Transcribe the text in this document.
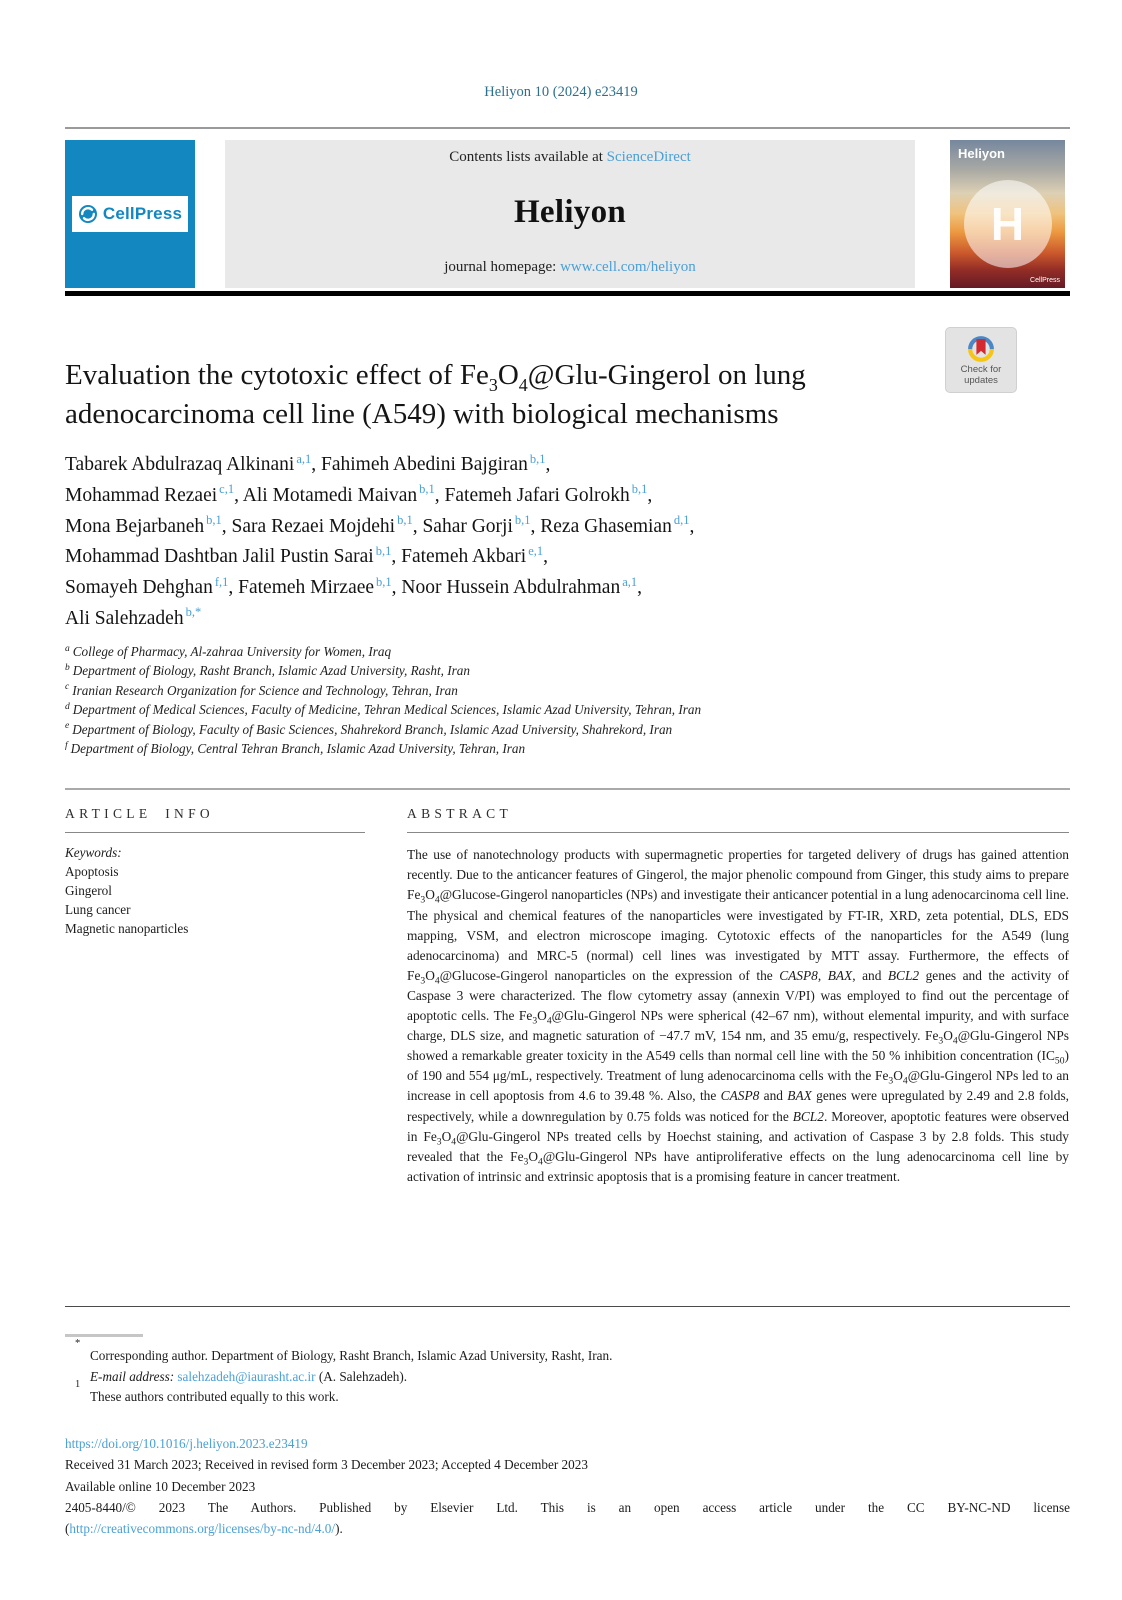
Heliyon 10 (2024) e23419
CellPress
Contents lists available at ScienceDirect
Heliyon
journal homepage: www.cell.com/heliyon
Heliyon
H
CellPress
Check for
updates
Evaluation the cytotoxic effect of $Fe_3O_4@Glu$-Gingerol on lung adenocarcinoma cell line (A549) with biological mechanisms
Tabarek Abdulrazaq Alkinani $^{a,1}$, Fahimeh Abedini Bajgiran $^{b,1}$,
Mohammad Rezaei $^{c,1}$, Ali Motamedi Maivan $^{b,1}$, Fatemeh Jafari Golrokh $^{b,1}$,
Mona Bejarbaneh $^{b,1}$, Sara Rezaei Mojdehi $^{b,1}$, Sahar Gorji $^{b,1}$, Reza Ghasemian $^{d,1}$,
Mohammad Dashtban Jalil Pustin Sarai $^{b,1}$, Fatemeh Akbari $^{e,1}$,
Somayeh Dehghan $^{f,1}$, Fatemeh Mirzaee $^{b,1}$, Noor Hussein Abdulrahman $^{a,1}$,
Ali Salehzadeh $^{b,*}$
$^a$ College of Pharmacy, Al-zahraa University for Women, Iraq
$^b$ Department of Biology, Rasht Branch, Islamic Azad University, Rasht, Iran
$^c$ Iranian Research Organization for Science and Technology, Tehran, Iran
$^d$ Department of Medical Sciences, Faculty of Medicine, Tehran Medical Sciences, Islamic Azad University, Tehran, Iran
$^e$ Department of Biology, Faculty of Basic Sciences, Shahrekord Branch, Islamic Azad University, Shahrekord, Iran
$^f$ Department of Biology, Central Tehran Branch, Islamic Azad University, Tehran, Iran
ARTICLE INFO
Keywords:
Apoptosis
Gingerol
Lung cancer
Magnetic nanoparticles
ABSTRACT
The use of nanotechnology products with supermagnetic properties for targeted delivery of drugs has gained attention recently. Due to the anticancer features of Gingerol, the major phenolic compound from Ginger, this study aims to prepare $Fe_3O_4@Glucose$-Gingerol nanoparticles (NPs) and investigate their anticancer potential in a lung adenocarcinoma cell line. The physical and chemical features of the nanoparticles were investigated by FT-IR, XRD, zeta potential, DLS, EDS mapping, VSM, and electron microscope imaging. Cytotoxic effects of the nanoparticles for the A549 (lung adenocarcinoma) and MRC-5 (normal) cell lines was investigated by MTT assay. Furthermore, the effects of $Fe_3O_4@Glucose$-Gingerol nanoparticles on the expression of the CASP8, BAX, and BCL2 genes and the activity of Caspase 3 were characterized. The flow cytometry assay (annexin V/PI) was employed to find out the percentage of apoptotic cells. The $Fe_3O_4@Glu$-Gingerol NPs were spherical (42–67 nm), without elemental impurity, and with surface charge, DLS size, and magnetic saturation of −47.7 mV, 154 nm, and 35 emu/g, respectively. $Fe_3O_4@Glu$-Gingerol NPs showed a remarkable greater toxicity in the A549 cells than normal cell line with the 50 % inhibition concentration $(IC_{50})$ of 190 and 554 μg/mL, respectively. Treatment of lung adenocarcinoma cells with the $Fe_3O_4@Glu$-Gingerol NPs led to an increase in cell apoptosis from 4.6 to 39.48 %. Also, the CASP8 and BAX genes were upregulated by 2.49 and 2.8 folds, respectively, while a downregulation by 0.75 folds was noticed for the BCL2. Moreover, apoptotic features were observed in $Fe_3O_4@Glu$-Gingerol NPs treated cells by Hoechst staining, and activation of Caspase 3 by 2.8 folds. This study revealed that the $Fe_3O_4@Glu$-Gingerol NPs have antiproliferative effects on the lung adenocarcinoma cell line by activation of intrinsic and extrinsic apoptosis that is a promising feature in cancer treatment.
*
Corresponding author. Department of Biology, Rasht Branch, Islamic Azad University, Rasht, Iran.
E-mail address: salehzadeh@iaurasht.ac.ir (A. Salehzadeh).
1
These authors contributed equally to this work.
https://doi.org/10.1016/j.heliyon.2023.e23419
Received 31 March 2023; Received in revised form 3 December 2023; Accepted 4 December 2023
Available online 10 December 2023
2405-8440/© 2023 The Authors. Published by Elsevier Ltd. This is an open access article under the CC BY-NC-ND license
(http://creativecommons.org/licenses/by-nc-nd/4.0/).
